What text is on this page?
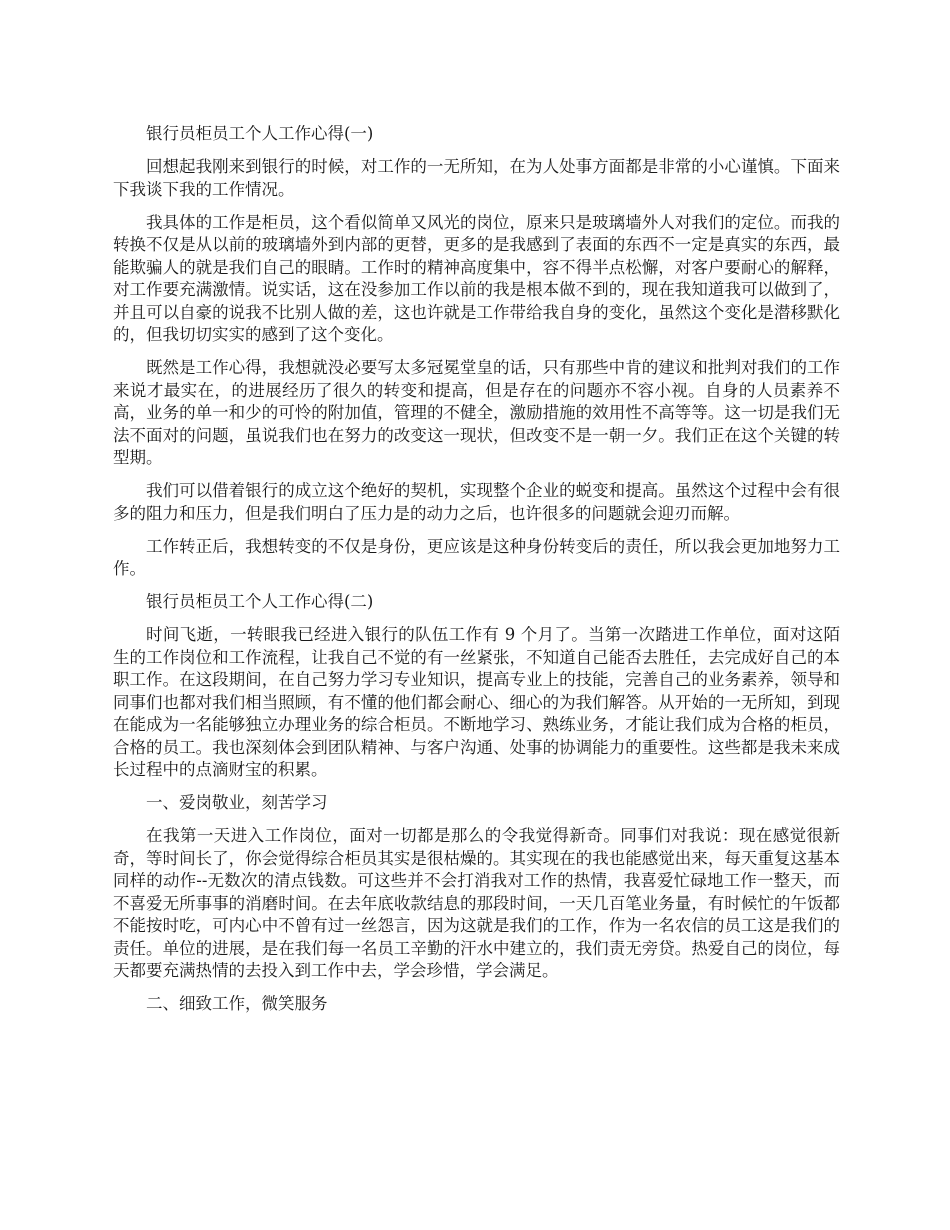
银行员柜员工个人工作心得(一)

回想起我刚来到银行的时候，对工作的一无所知，在为人处事方面都是非常的小心谨慎。下面来下我谈下我的工作情况。

我具体的工作是柜员，这个看似简单又风光的岗位，原来只是玻璃墙外人对我们的定位。而我的转换不仅是从以前的玻璃墙外到内部的更替，更多的是我感到了表面的东西不一定是真实的东西，最能欺骗人的就是我们自己的眼睛。工作时的精神高度集中，容不得半点松懈，对客户要耐心的解释，对工作要充满激情。说实话，这在没参加工作以前的我是根本做不到的，现在我知道我可以做到了，并且可以自豪的说我不比别人做的差，这也许就是工作带给我自身的变化，虽然这个变化是潜移默化的，但我切切实实的感到了这个变化。

既然是工作心得，我想就没必要写太多冠冕堂皇的话，只有那些中肯的建议和批判对我们的工作来说才最实在，的进展经历了很久的转变和提高，但是存在的问题亦不容小视。自身的人员素养不高，业务的单一和少的可怜的附加值，管理的不健全，激励措施的效用性不高等等。这一切是我们无法不面对的问题，虽说我们也在努力的改变这一现状，但改变不是一朝一夕。我们正在这个关键的转型期。

我们可以借着银行的成立这个绝好的契机，实现整个企业的蜕变和提高。虽然这个过程中会有很多的阻力和压力，但是我们明白了压力是的动力之后，也许很多的问题就会迎刃而解。

工作转正后，我想转变的不仅是身份，更应该是这种身份转变后的责任，所以我会更加地努力工作。

银行员柜员工个人工作心得(二)

时间飞逝，一转眼我已经进入银行的队伍工作有 9 个月了。当第一次踏进工作单位，面对这陌生的工作岗位和工作流程，让我自己不觉的有一丝紧张，不知道自己能否去胜任，去完成好自己的本职工作。在这段期间，在自己努力学习专业知识，提高专业上的技能，完善自己的业务素养，领导和同事们也都对我们相当照顾，有不懂的他们都会耐心、细心的为我们解答。从开始的一无所知，到现在能成为一名能够独立办理业务的综合柜员。不断地学习、熟练业务，才能让我们成为合格的柜员，合格的员工。我也深刻体会到团队精神、与客户沟通、处事的协调能力的重要性。这些都是我未来成长过程中的点滴财宝的积累。

一、爱岗敬业，刻苦学习

在我第一天进入工作岗位，面对一切都是那么的令我觉得新奇。同事们对我说：现在感觉很新奇，等时间长了，你会觉得综合柜员其实是很枯燥的。其实现在的我也能感觉出来，每天重复这基本同样的动作--无数次的清点钱数。可这些并不会打消我对工作的热情，我喜爱忙碌地工作一整天，而不喜爱无所事事的消磨时间。在去年底收款结息的那段时间，一天几百笔业务量，有时候忙的午饭都不能按时吃，可内心中不曾有过一丝怨言，因为这就是我们的工作，作为一名农信的员工这是我们的责任。单位的进展，是在我们每一名员工辛勤的汗水中建立的，我们责无旁贷。热爱自己的岗位，每天都要充满热情的去投入到工作中去，学会珍惜，学会满足。

二、细致工作，微笑服务
